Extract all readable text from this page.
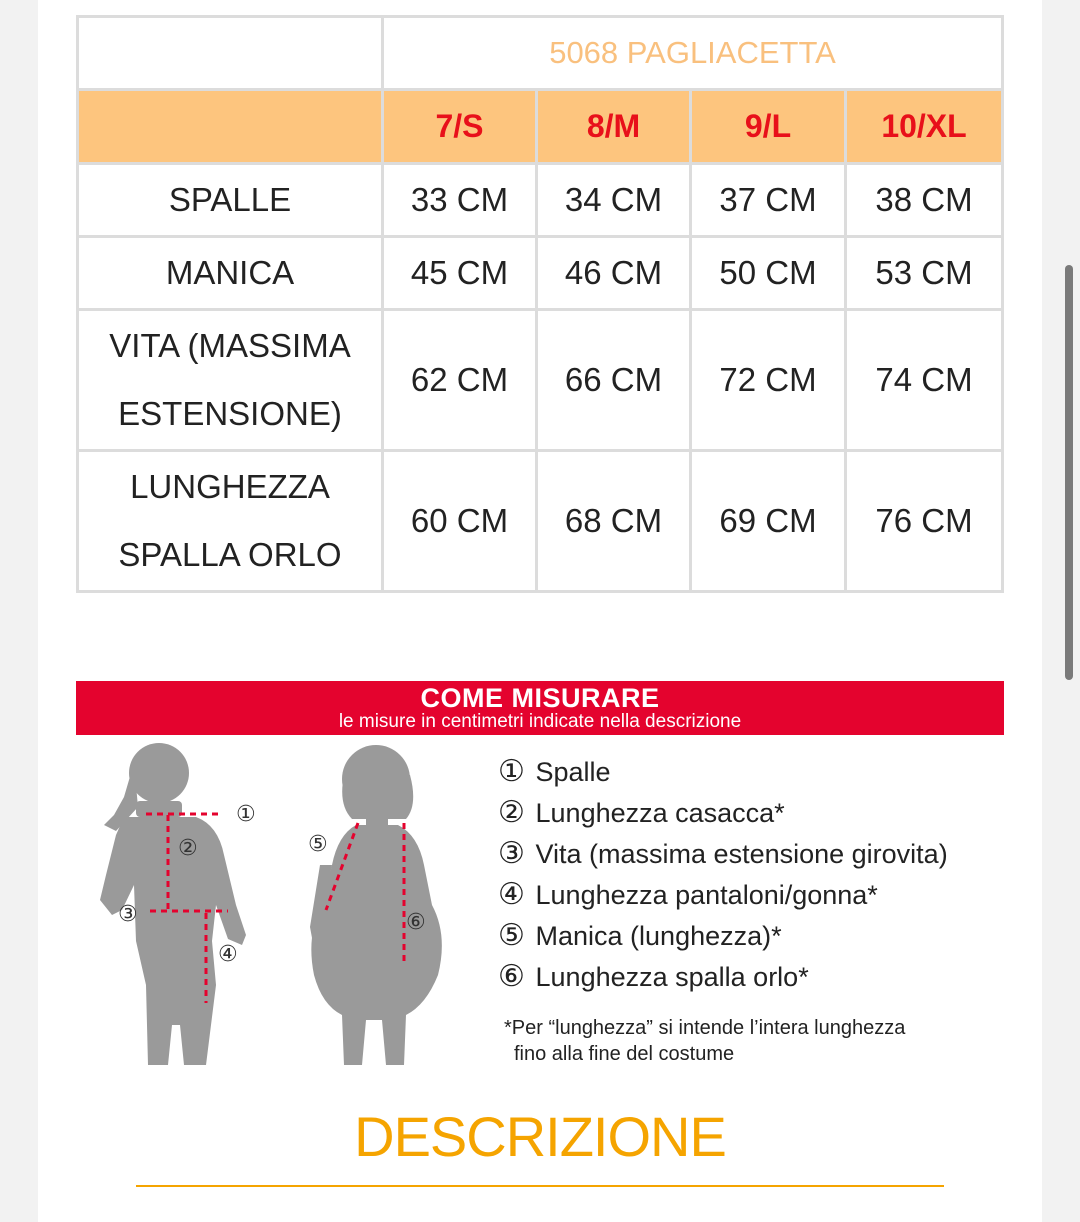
	5068 PAGLIACETTA			
	7/S	8/M	9/L	10/XL
SPALLE	33 CM	34 CM	37 CM	38 CM
MANICA	45 CM	46 CM	50 CM	53 CM
VITA (MASSIMA
ESTENSIONE)	62 CM	66 CM	72 CM	74 CM
LUNGHEZZA
SPALLA ORLO	60 CM	68 CM	69 CM	76 CM
COME MISURARE
le misure in centimetri indicate nella descrizione
①
②
③
④
⑤
⑥
① Spalle
② Lunghezza casacca*
③ Vita (massima estensione girovita)
④ Lunghezza pantaloni/gonna*
⑤ Manica (lunghezza)*
⑥ Lunghezza spalla orlo*
*Per “lunghezza” si intende l’intera lunghezza
fino alla fine del costume
DESCRIZIONE
